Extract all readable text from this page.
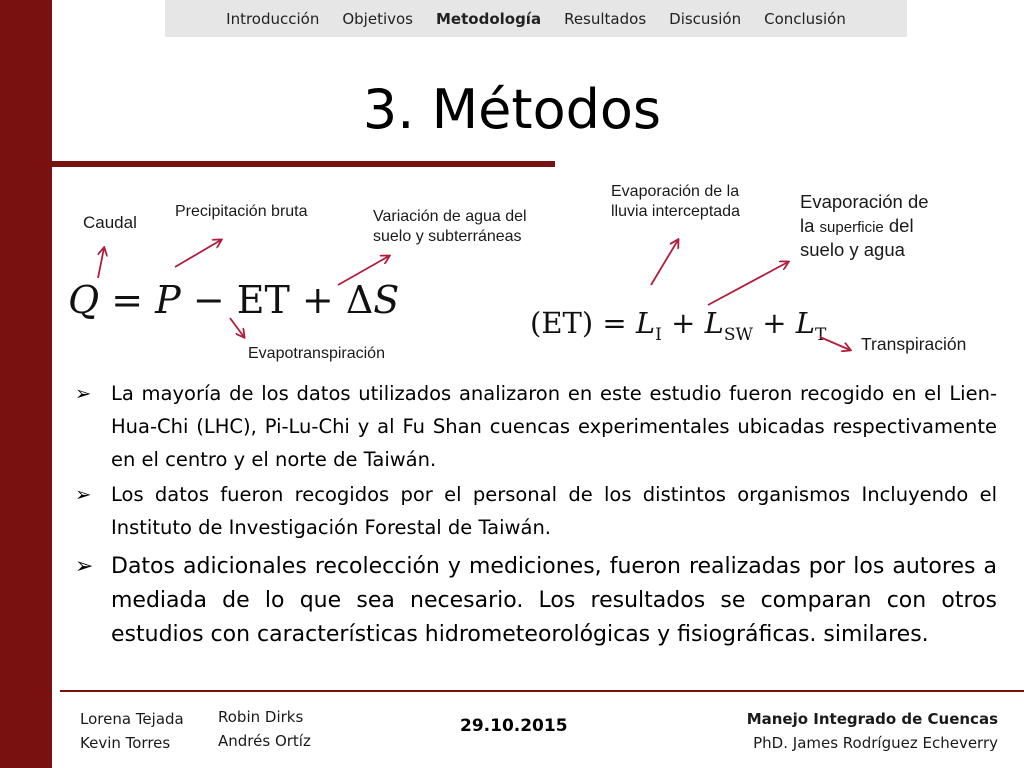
Introducción Objetivos Metodología Resultados Discusión Conclusión
3. Métodos
Caudal
Precipitación bruta	Variación de agua del
suelo y subterráneas
Evapotranspiración
Evaporación de la
lluvia interceptada	Evaporación de
la superficie del
suelo y agua
Transpiración
Q = P − ET + ΔS
$(ET) = L_I + L_{SW} + L_T$
➢ La mayoría de los datos utilizados analizaron en este estudio fueron recogido en el Lien-Hua-Chi (LHC), Pi-Lu-Chi y al Fu Shan cuencas experimentales ubicadas respectivamente en el centro y el norte de Taiwán.
➢ Los datos fueron recogidos por el personal de los distintos organismos Incluyendo el Instituto de Investigación Forestal de Taiwán.
➢ Datos adicionales recolección y mediciones, fueron realizadas por los autores a mediada de lo que sea necesario. Los resultados se comparan con otros estudios con características hidrometeorológicas y fisiográficas. similares.
Lorena Tejada
Kevin Torres
Robin Dirks
Andrés Ortíz
29.10.2015	Manejo Integrado de Cuencas
PhD. James Rodríguez Echeverry
